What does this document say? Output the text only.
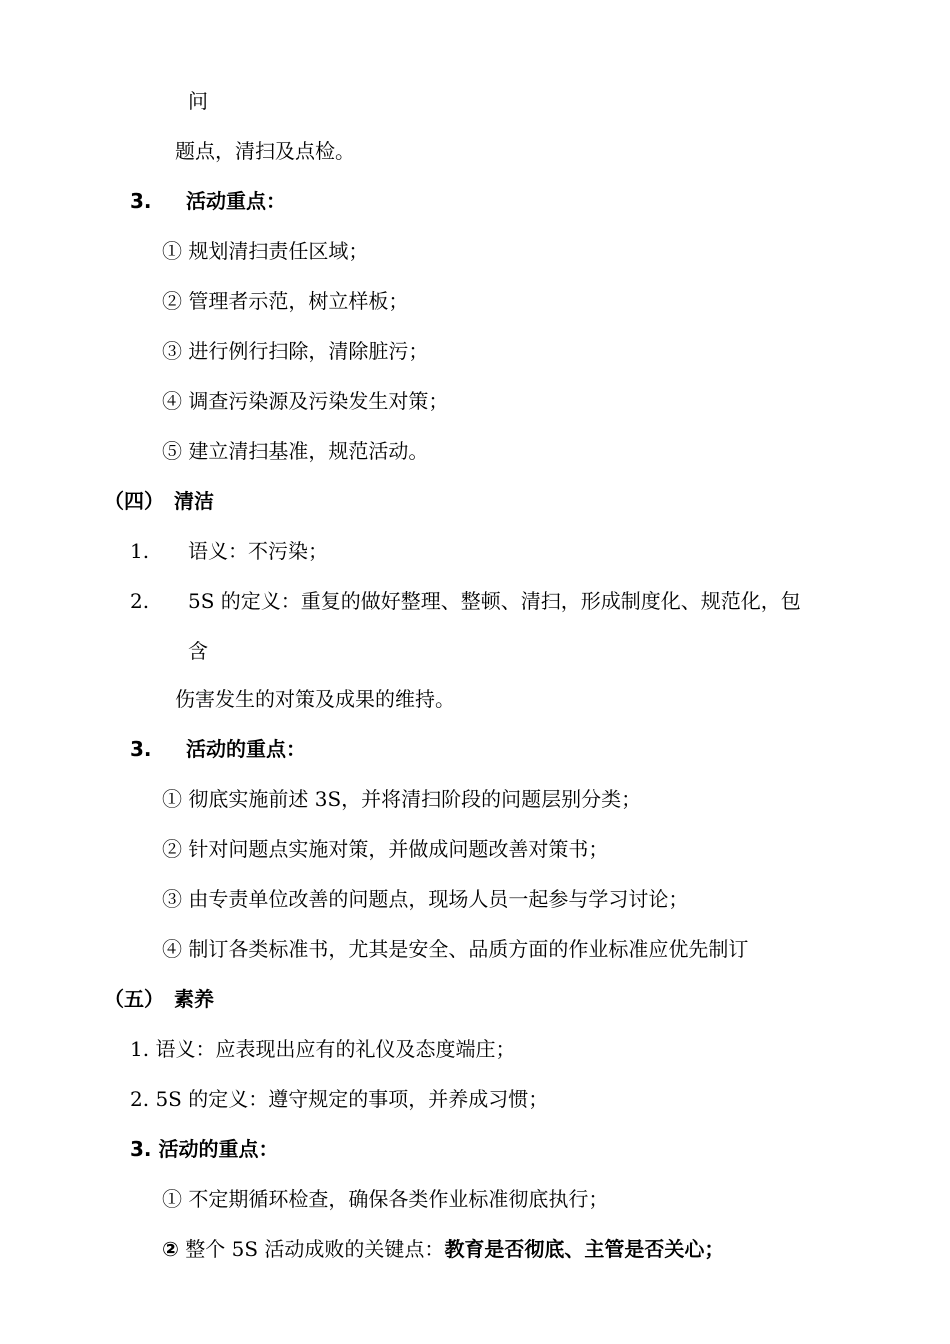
问
题点，清扫及点检。
3. 活动重点：
① 规划清扫责任区域；
② 管理者示范，树立样板；
③ 进行例行扫除，清除脏污；
④ 调查污染源及污染发生对策；
⑤ 建立清扫基准，规范活动。
（四） 清洁
1. 语义：不污染；
2. 5S 的定义：重复的做好整理、整顿、清扫，形成制度化、规范化，包
含
伤害发生的对策及成果的维持。
3. 活动的重点：
① 彻底实施前述 3S，并将清扫阶段的问题层别分类；
② 针对问题点实施对策，并做成问题改善对策书；
③ 由专责单位改善的问题点，现场人员一起参与学习讨论；
④ 制订各类标准书，尤其是安全、品质方面的作业标准应优先制订
（五） 素养
1. 语义：应表现出应有的礼仪及态度端庄；
2. 5S 的定义：遵守规定的事项，并养成习惯；
3. 活动的重点：
① 不定期循环检查，确保各类作业标准彻底执行；
② 整个 5S 活动成败的关键点：教育是否彻底、主管是否关心；
